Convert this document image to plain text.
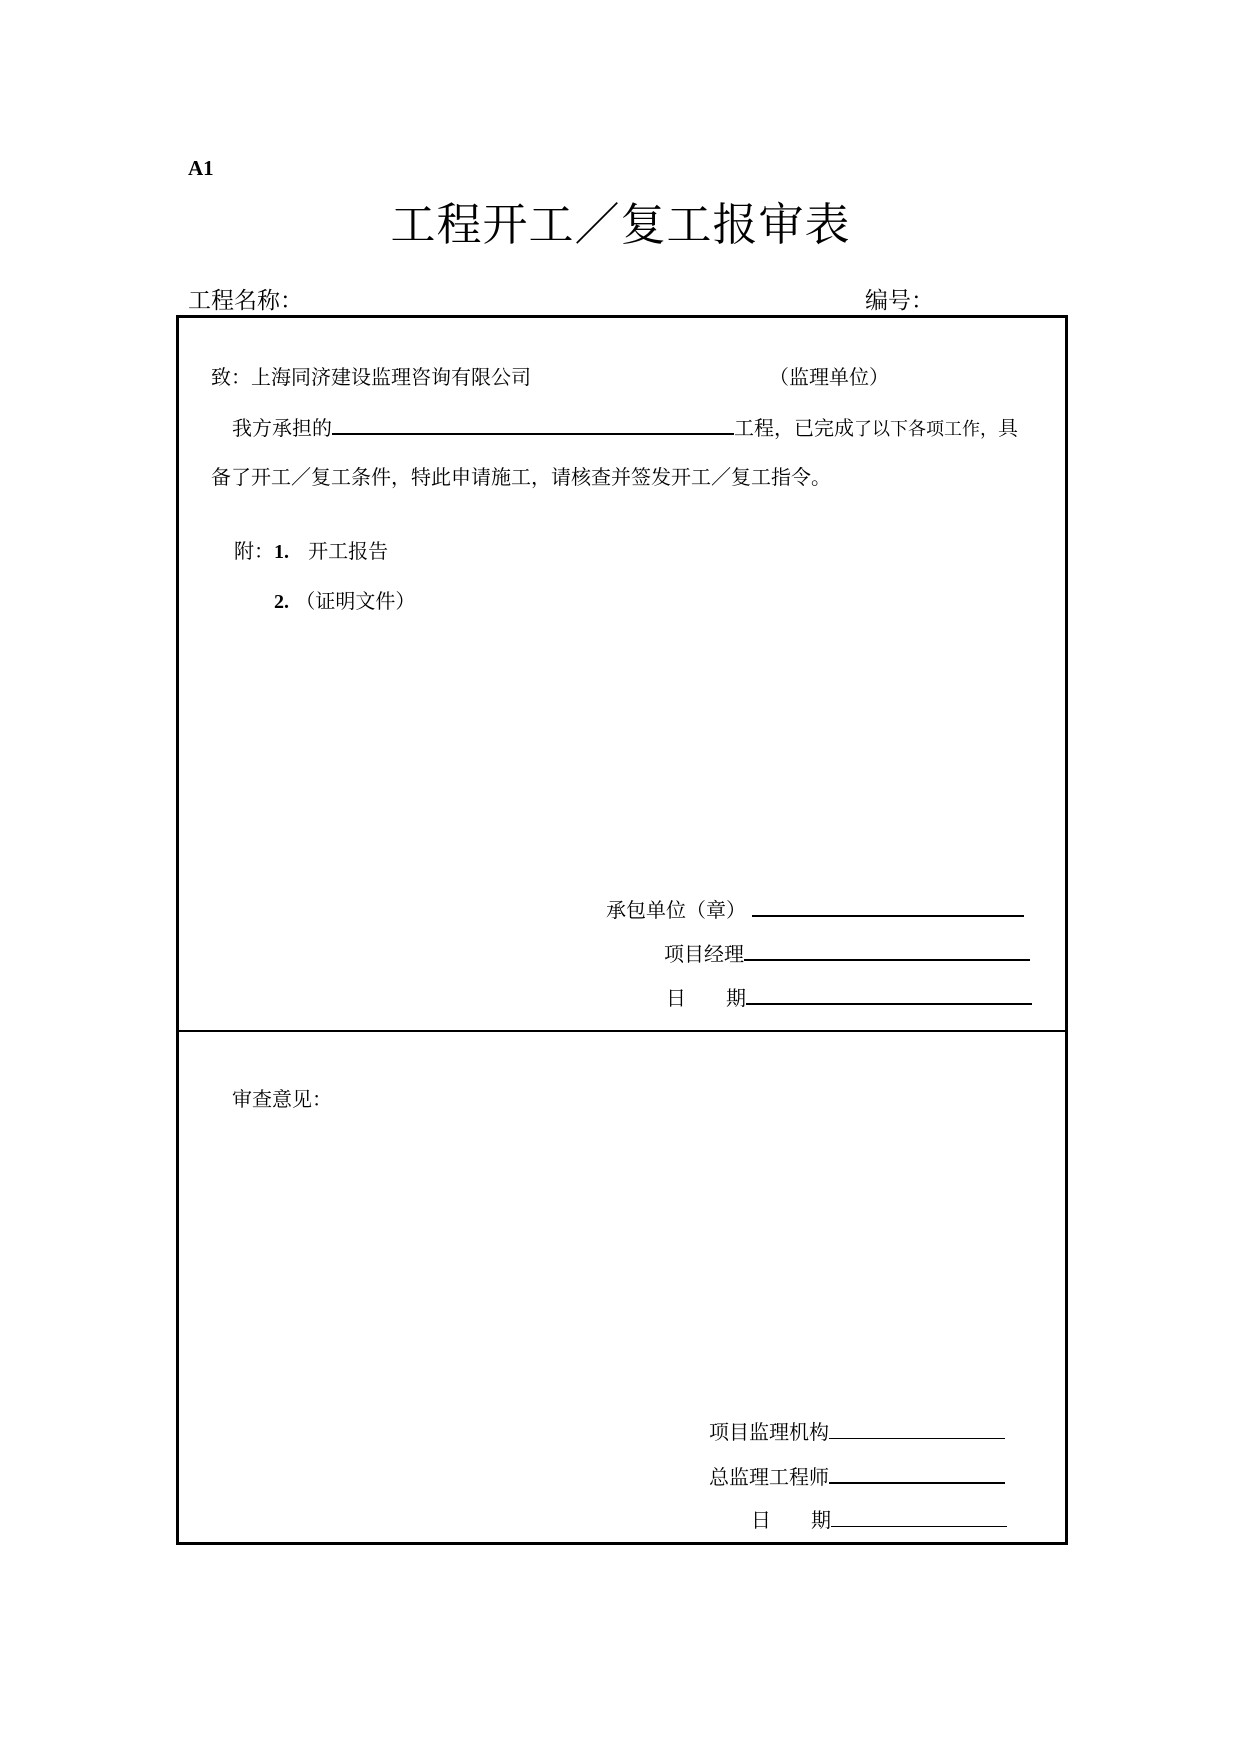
A1
工程开工／复工报审表
工程名称：	编号：
致：上海同济建设监理咨询有限公司	（监理单位）
我方承担的	工程，已完成了以下各项工作，具
备了开工／复工条件，特此申请施工，请核查并签发开工／复工指令。
附：1. 开工报告
2. （证明文件）
承包单位（章）
项目经理
日　　期
审查意见：
项目监理机构
总监理工程师
日　　期
